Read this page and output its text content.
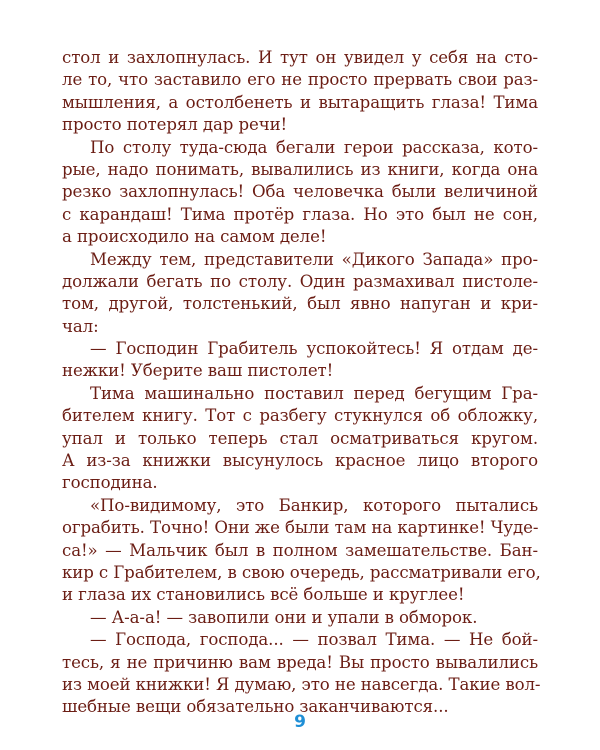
стол и захлопнулась. И тут он увидел у себя на сто-
ле то, что заставило его не просто прервать свои раз-
мышления, а остолбенеть и вытаращить глаза! Тима
просто потерял дар речи!
По столу туда-сюда бегали герои рассказа, кото-
рые, надо понимать, вывалились из книги, когда она
резко захлопнулась! Оба человечка были величиной
с карандаш! Тима протёр глаза. Но это был не сон,
а происходило на самом деле!
Между тем, представители «Дикого Запада» про-
должали бегать по столу. Один размахивал пистоле-
том, другой, толстенький, был явно напуган и кри-
чал:
— Господин Грабитель успокойтесь! Я отдам де-
нежки! Уберите ваш пистолет!
Тима машинально поставил перед бегущим Гра-
бителем книгу. Тот с разбегу стукнулся об обложку,
упал и только теперь стал осматриваться кругом.
А из-за книжки высунулось красное лицо второго
господина.
«По-видимому, это Банкир, которого пытались
ограбить. Точно! Они же были там на картинке! Чуде-
са!» — Мальчик был в полном замешательстве. Бан-
кир с Грабителем, в свою очередь, рассматривали его,
и глаза их становились всё больше и круглее!
— А-а-а! — завопили они и упали в обморок.
— Господа, господа... — позвал Тима. — Не бой-
тесь, я не причиню вам вреда! Вы просто вывалились
из моей книжки! Я думаю, это не навсегда. Такие вол-
шебные вещи обязательно заканчиваются...
9
